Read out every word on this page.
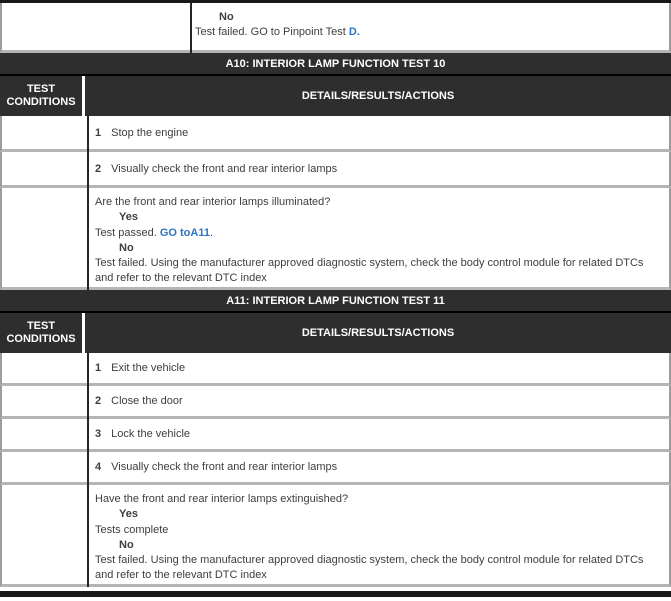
No
Test failed. GO to Pinpoint Test D.
A10: INTERIOR LAMP FUNCTION TEST 10
TEST CONDITIONS	DETAILS/RESULTS/ACTIONS
1 Stop the engine
2 Visually check the front and rear interior lamps
Are the front and rear interior lamps illuminated?
Yes
Test passed. GO toA11.
No
Test failed. Using the manufacturer approved diagnostic system, check the body control module for related DTCs and refer to the relevant DTC index
A11: INTERIOR LAMP FUNCTION TEST 11
TEST CONDITIONS	DETAILS/RESULTS/ACTIONS
1 Exit the vehicle
2 Close the door
3 Lock the vehicle
4 Visually check the front and rear interior lamps
Have the front and rear interior lamps extinguished?
Yes
Tests complete
No
Test failed. Using the manufacturer approved diagnostic system, check the body control module for related DTCs and refer to the relevant DTC index
